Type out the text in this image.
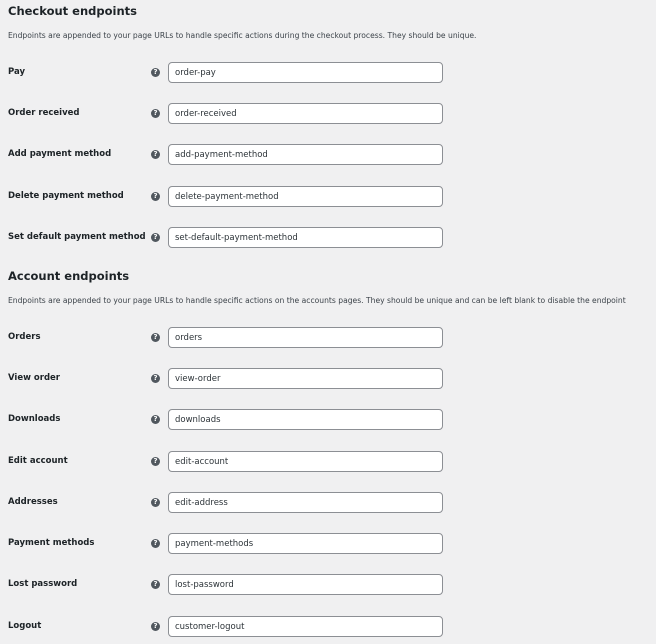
Checkout endpoints

Endpoints are appended to your page URLs to handle specific actions during the checkout process. They should be unique.

Pay	?
order-pay
Order received	?
order-received
Add payment method	?
add-payment-method
Delete payment method	?
delete-payment-method
Set default payment method	?
set-default-payment-method
Account endpoints

Endpoints are appended to your page URLs to handle specific actions on the accounts pages. They should be unique and can be left blank to disable the endpoint

Orders	?
orders
View order	?
view-order
Downloads	?
downloads
Edit account	?
edit-account
Addresses	?
edit-address
Payment methods	?
payment-methods
Lost password	?
lost-password
Logout	?
customer-logout
